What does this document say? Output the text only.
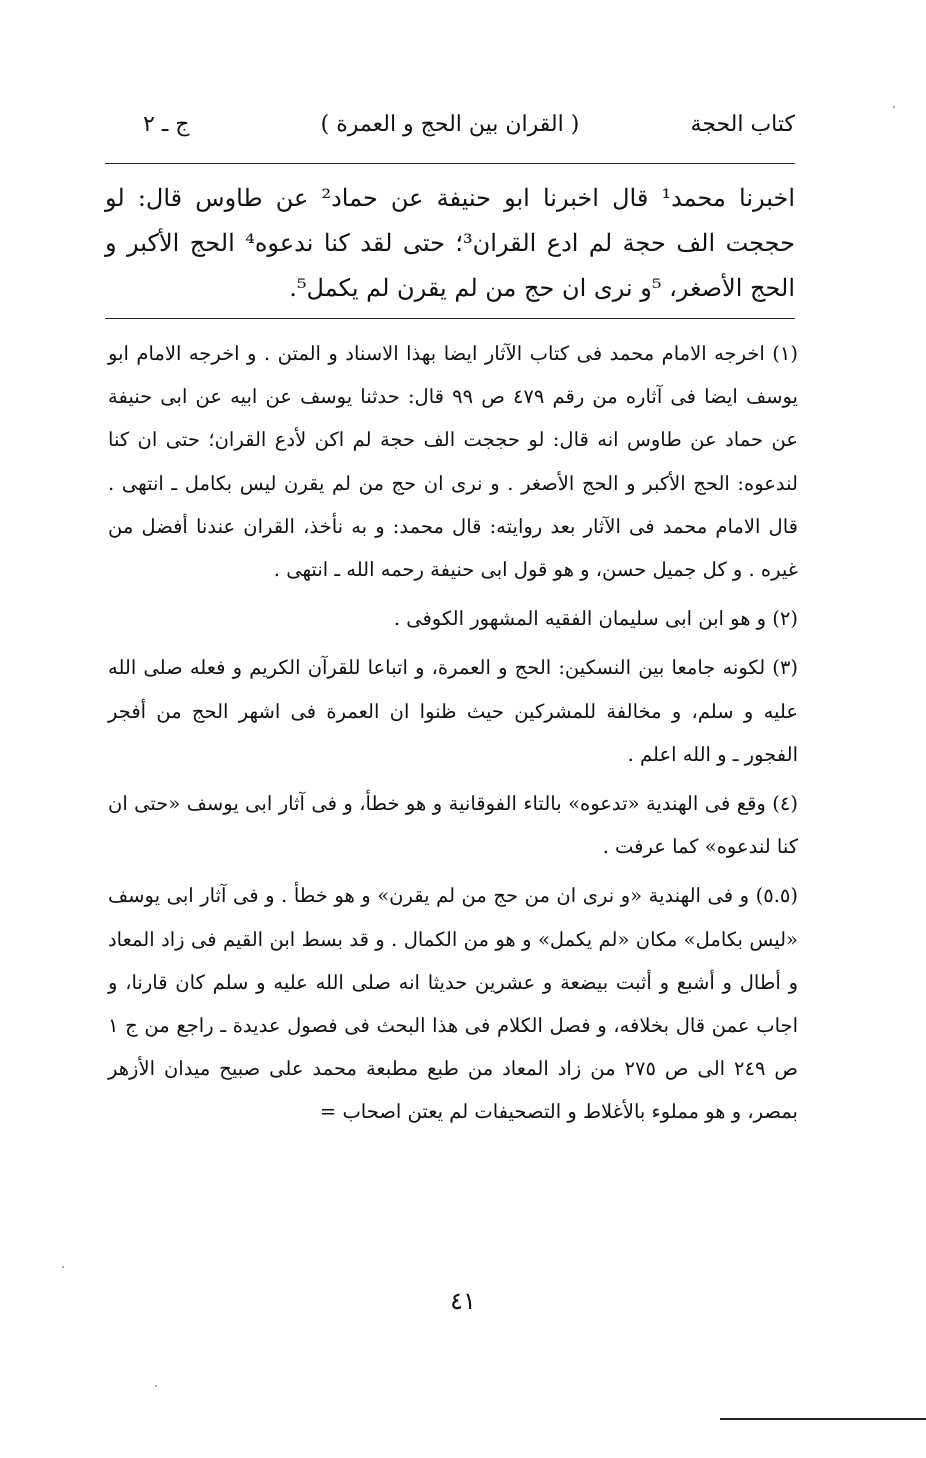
كتاب الحجة
( القران بين الحج و العمرة )
ج ـ ٢

اخبرنا محمد¹ قال اخبرنا ابو حنيفة عن حماد² عن طاوس قال: لو حججت الف حجة لم ادع القران³؛ حتى لقد كنا ندعوه⁴ الحج الأكبر و الحج الأصغر، ⁵و نرى ان حج من لم يقرن لم يكمل⁵.

(١) اخرجه الامام محمد فى كتاب الآثار ايضا بهذا الاسناد و المتن . و اخرجه الامام ابو يوسف ايضا فى آثاره من رقم ٤٧٩ ص ٩٩ قال: حدثنا يوسف عن ابيه عن ابى حنيفة عن حماد عن طاوس انه قال: لو حججت الف حجة لم اكن لأدع القران؛ حتى ان كنا لندعوه: الحج الأكبر و الحج الأصغر . و نرى ان حج من لم يقرن ليس بكامل ـ انتهى . قال الامام محمد فى الآثار بعد روايته: قال محمد: و به نأخذ، القران عندنا أفضل من غيره . و كل جميل حسن، و هو قول ابى حنيفة رحمه الله ـ انتهى .

(٢) و هو ابن ابى سليمان الفقيه المشهور الكوفى .

(٣) لكونه جامعا بين النسكين: الحج و العمرة، و اتباعا للقرآن الكريم و فعله صلى الله عليه و سلم، و مخالفة للمشركين حيث ظنوا ان العمرة فى اشهر الحج من أفجر الفجور ـ و الله اعلم .

(٤) وقع فى الهندية «تدعوه» بالتاء الفوقانية و هو خطأ، و فى آثار ابى يوسف «حتى ان كنا لندعوه» كما عرفت .

(٥.٥) و فى الهندية «و نرى ان من حج من لم يقرن» و هو خطأ . و فى آثار ابى يوسف «ليس بكامل» مكان «لم يكمل» و هو من الكمال . و قد بسط ابن القيم فى زاد المعاد و أطال و أشبع و أثبت بيضعة و عشرين حديثا انه صلى الله عليه و سلم كان قارنا، و اجاب عمن قال بخلافه، و فصل الكلام فى هذا البحث فى فصول عديدة ـ راجع من ج ١ ص ٢٤٩ الى ص ٢٧٥ من زاد المعاد من طبع مطبعة محمد على صبيح ميدان الأزهر بمصر، و هو مملوء بالأغلاط و التصحيفات لم يعتن اصحاب =

٤١
